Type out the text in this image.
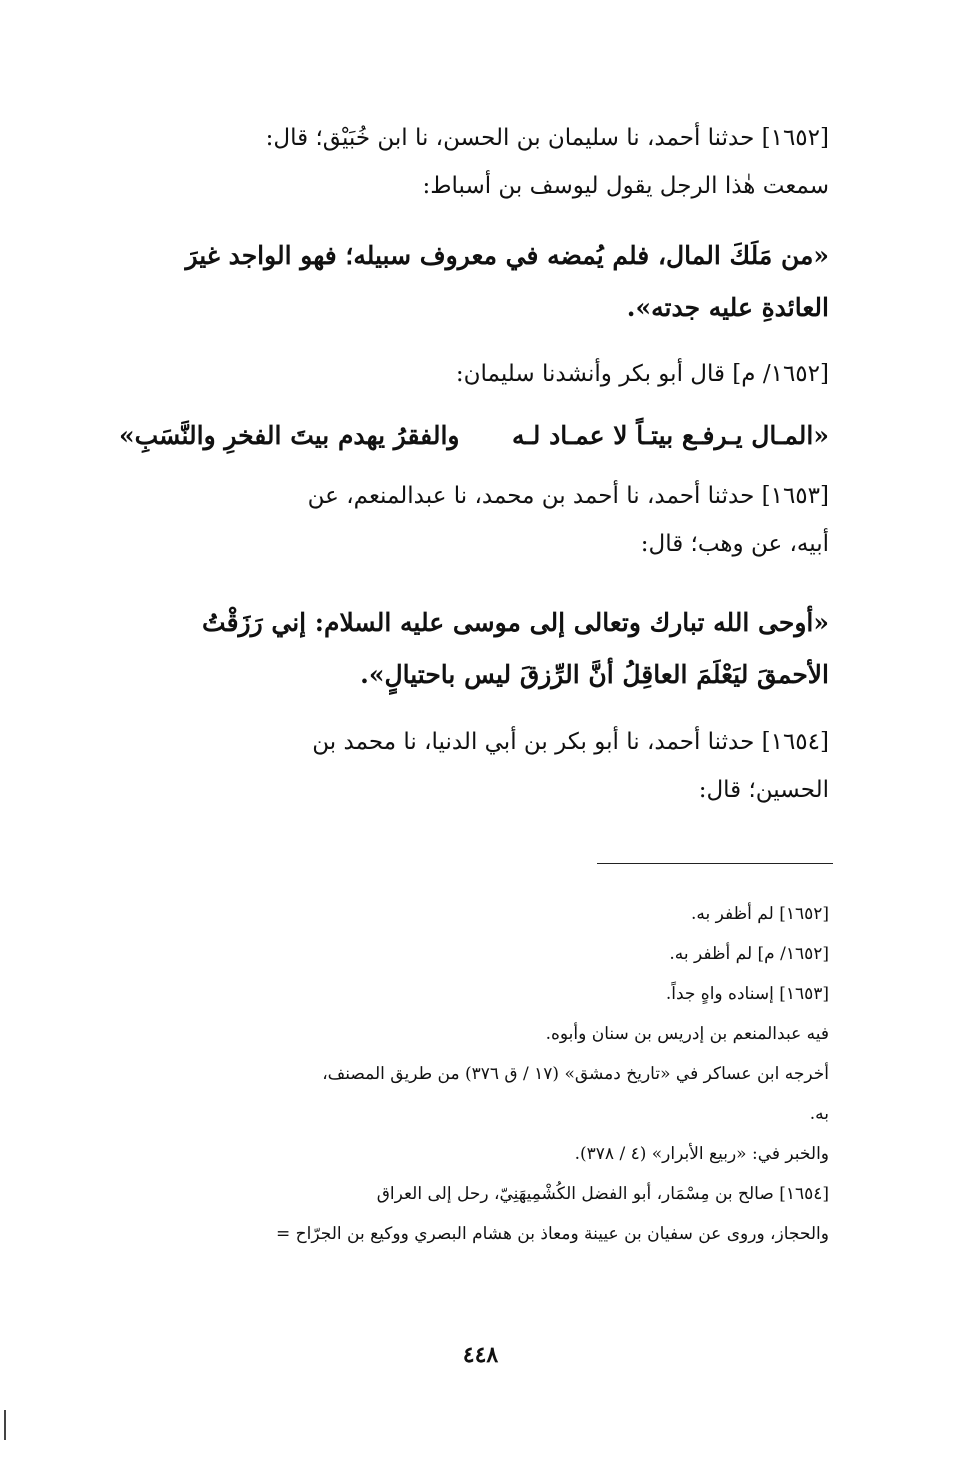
[١٦٥٢] حدثنا أحمد، نا سليمان بن الحسن، نا ابن خُبَيْق؛ قال:
سمعت هٰذا الرجل يقول ليوسف بن أسباط:
«من مَلَكَ المال، فلم يُمضه في معروف سبيله؛ فهو الواجد غيرَ
العائدةِ عليه جدته».
[١٦٥٢/ م] قال أبو بكر وأنشدنا سليمان:
«المـال يـرفـع بيتـاً لا عمـاد لـه
والفقرُ يهدم بيتَ الفخرِ والنَّسَبِ»
[١٦٥٣] حدثنا أحمد، نا أحمد بن محمد، نا عبدالمنعم، عن
أبيه، عن وهب؛ قال:
«أوحى الله تبارك وتعالى إلى موسى عليه السلام: إني رَزَقْتُ
الأحمقَ ليَعْلَمَ العاقِلُ أنَّ الرِّزقَ ليس باحتيالٍ».
[١٦٥٤] حدثنا أحمد، نا أبو بكر بن أبي الدنيا، نا محمد بن
الحسين؛ قال:
[١٦٥٢] لم أظفر به.
[١٦٥٢/ م] لم أظفر به.
[١٦٥٣] إسناده واهٍ جداً.
فيه عبدالمنعم بن إدريس بن سنان وأبوه.
أخرجه ابن عساكر في «تاريخ دمشق» (١٧ / ق ٣٧٦) من طريق المصنف،
به.
والخبر في: «ربيع الأبرار» (٤ / ٣٧٨).
[١٦٥٤] صالح بن مِسْمَار، أبو الفضل الكُشْمِيهَنِيّ، رحل إلى العراق
والحجاز، وروى عن سفيان بن عيينة ومعاذ بن هشام البصري ووكيع بن الجرّاح =
٤٤٨
